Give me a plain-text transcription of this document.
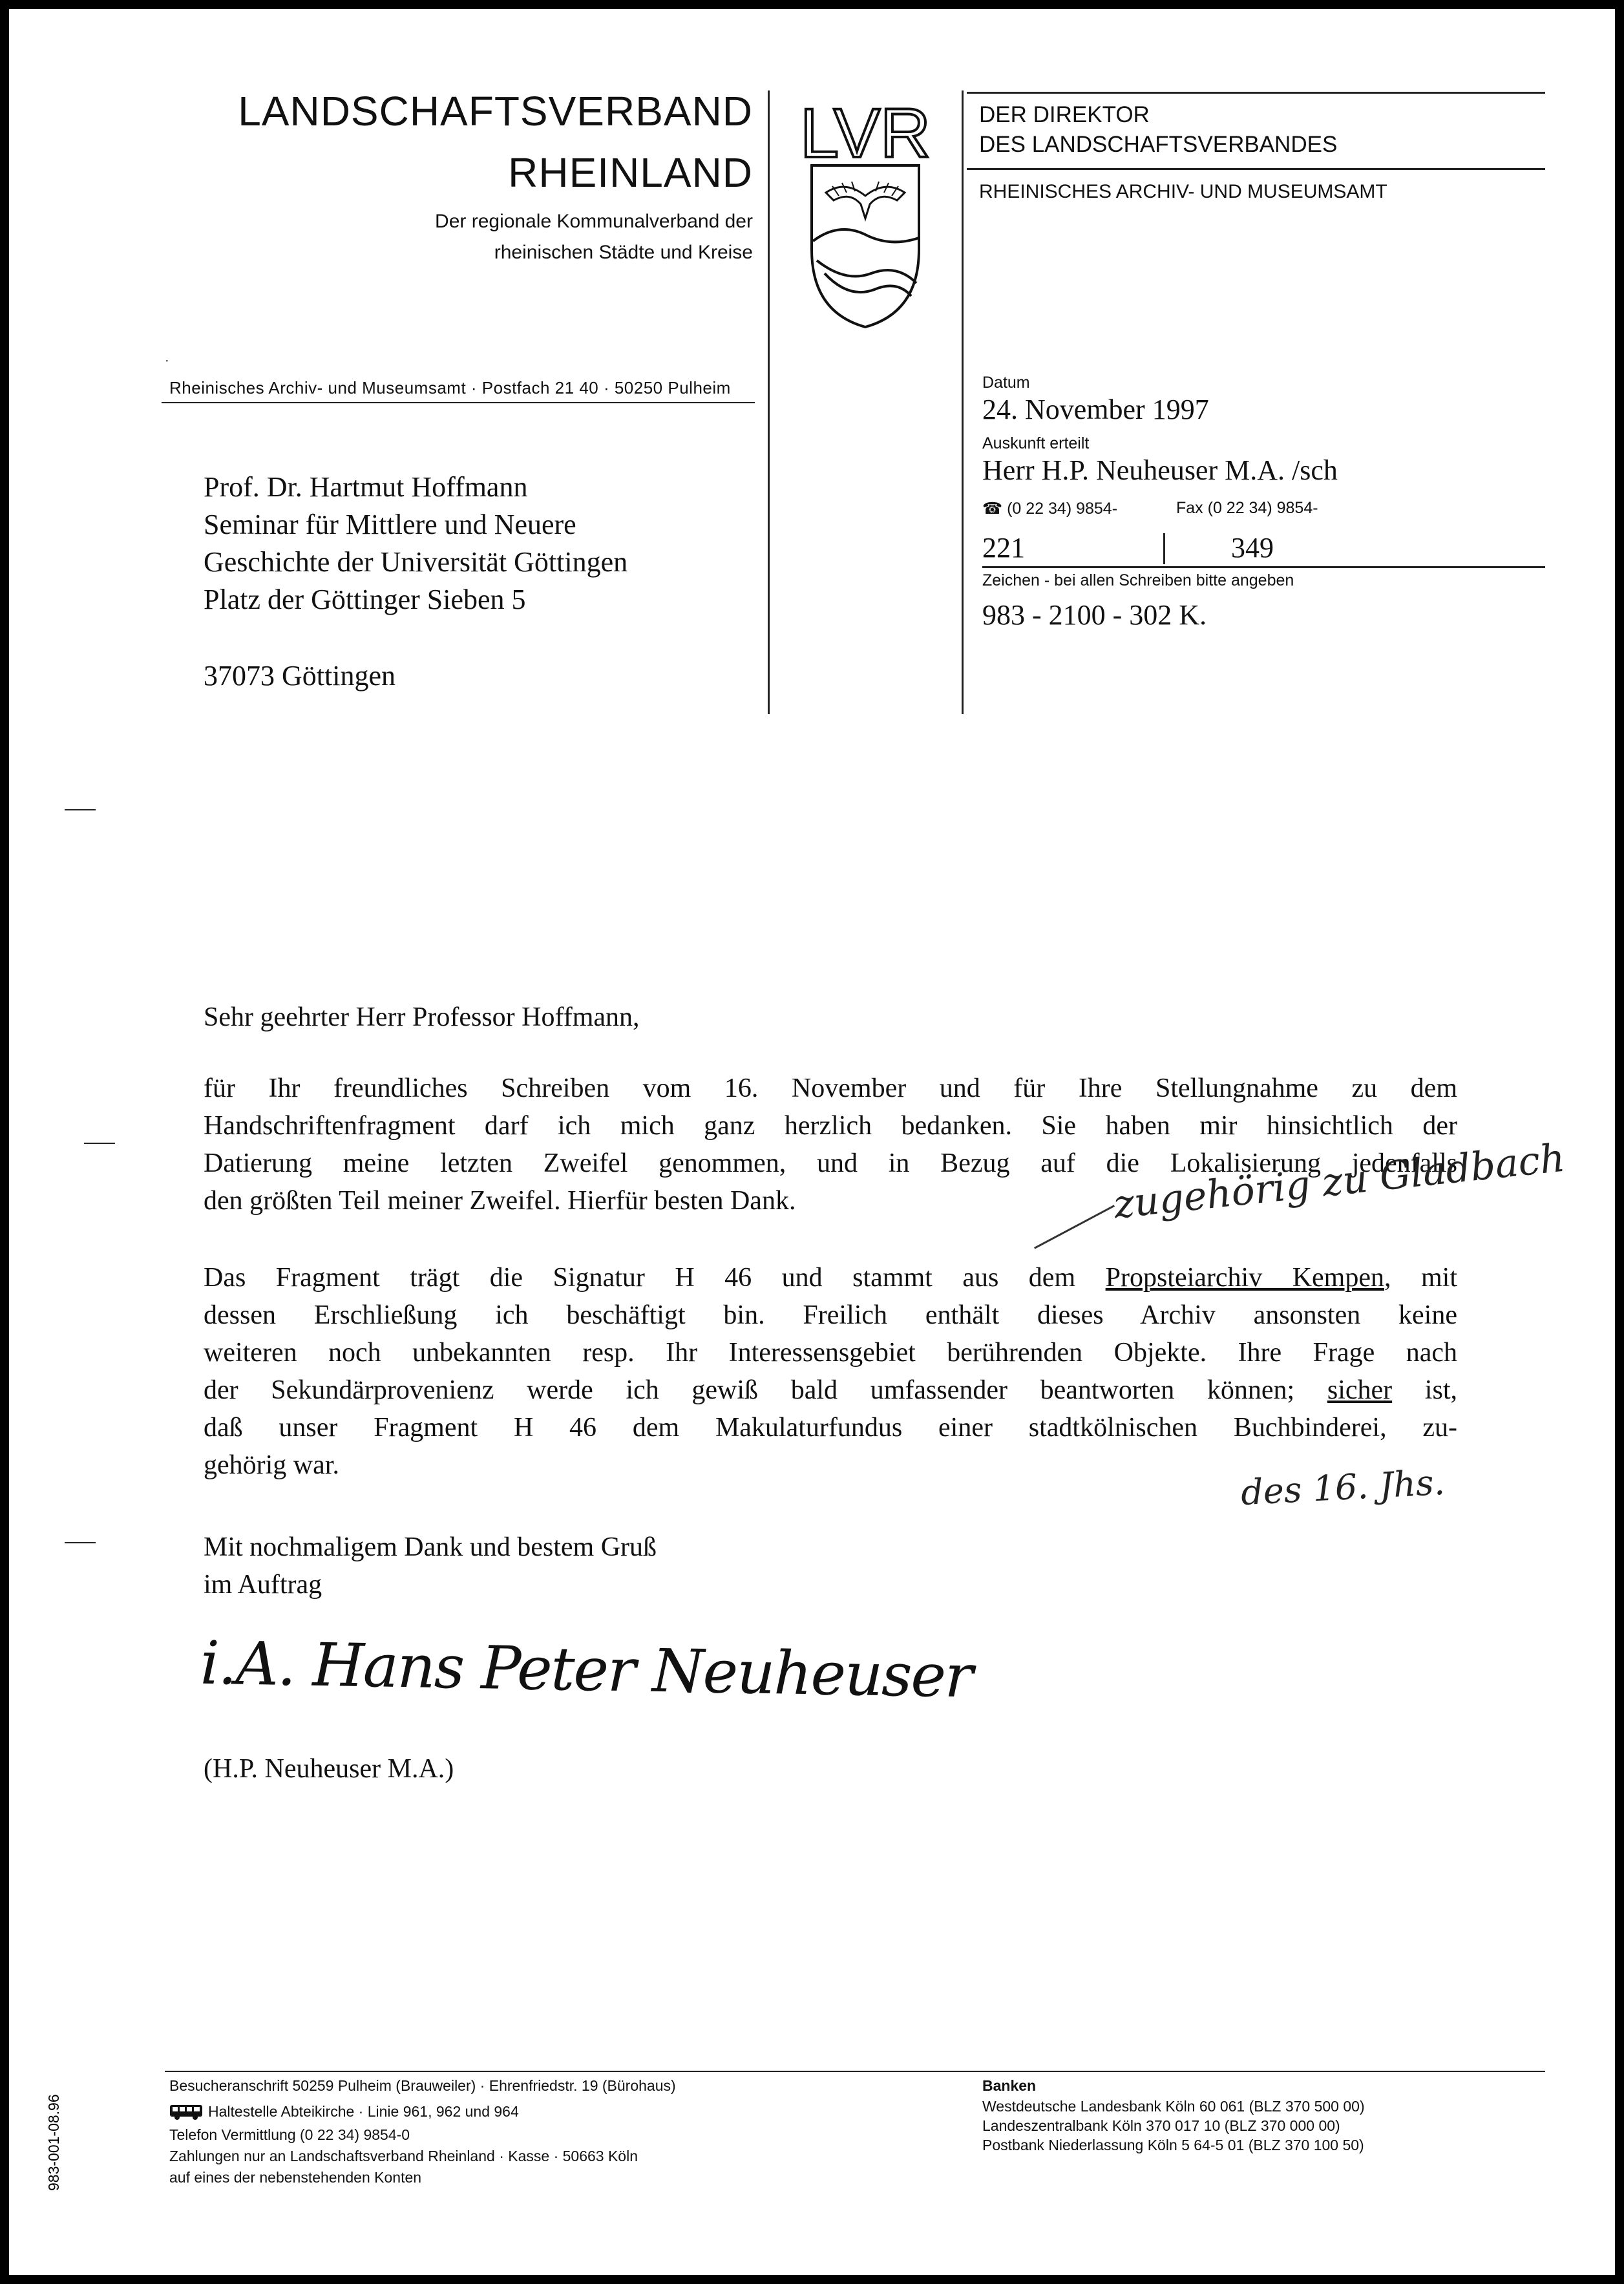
LANDSCHAFTSVERBAND
RHEINLAND
Der regionale Kommunalverband der
rheinischen Städte und Kreise
LVR DER DIREKTOR
DES LANDSCHAFTSVERBANDES
RHEINISCHES ARCHIV- UND MUSEUMSAMT
·
Rheinisches Archiv- und Museumsamt · Postfach 21 40 · 50250 Pulheim	Datum
24. November 1997
Auskunft erteilt
Herr H.P. Neuheuser M.A. /sch
☎ (0 22 34) 9854-	Fax (0 22 34) 9854-
221	349
Zeichen - bei allen Schreiben bitte angeben
983 - 2100 - 302 K.
Prof. Dr. Hartmut Hoffmann
Seminar für Mittlere und Neuere
Geschichte der Universität Göttingen
Platz der Göttinger Sieben 5
37073 Göttingen
Sehr geehrter Herr Professor Hoffmann,
für Ihr freundliches Schreiben vom 16. November und für Ihre Stellungnahme zu dem
Handschriftenfragment darf ich mich ganz herzlich bedanken. Sie haben mir hinsichtlich der
Datierung meine letzten Zweifel genommen, und in Bezug auf die Lokalisierung jedenfalls
den größten Teil meiner Zweifel. Hierfür besten Dank.
Das Fragment trägt die Signatur H 46 und stammt aus dem Propsteiarchiv Kempen, mit
dessen Erschließung ich beschäftigt bin. Freilich enthält dieses Archiv ansonsten keine
weiteren noch unbekannten resp. Ihr Interessensgebiet berührenden Objekte. Ihre Frage nach
der Sekundärprovenienz werde ich gewiß bald umfassender beantworten können; sicher ist,
daß unser Fragment H 46 dem Makulaturfundus einer stadtkölnischen Buchbinderei, zu-
gehörig war.
zugehörig zu Gladbach
des 16. Jhs.
Mit nochmaligem Dank und bestem Gruß
im Auftrag
i.A. Hans Peter Neuheuser
(H.P. Neuheuser M.A.)
Besucheranschrift 50259 Pulheim (Brauweiler) · Ehrenfriedstr. 19 (Bürohaus)
Haltestelle Abteikirche · Linie 961, 962 und 964
Telefon Vermittlung (0 22 34) 9854-0
Zahlungen nur an Landschaftsverband Rheinland · Kasse · 50663 Köln
auf eines der nebenstehenden Konten
Banken
Westdeutsche Landesbank Köln 60 061 (BLZ 370 500 00)
Landeszentralbank Köln 370 017 10 (BLZ 370 000 00)
Postbank Niederlassung Köln 5 64-5 01 (BLZ 370 100 50)
983-001-08.96
